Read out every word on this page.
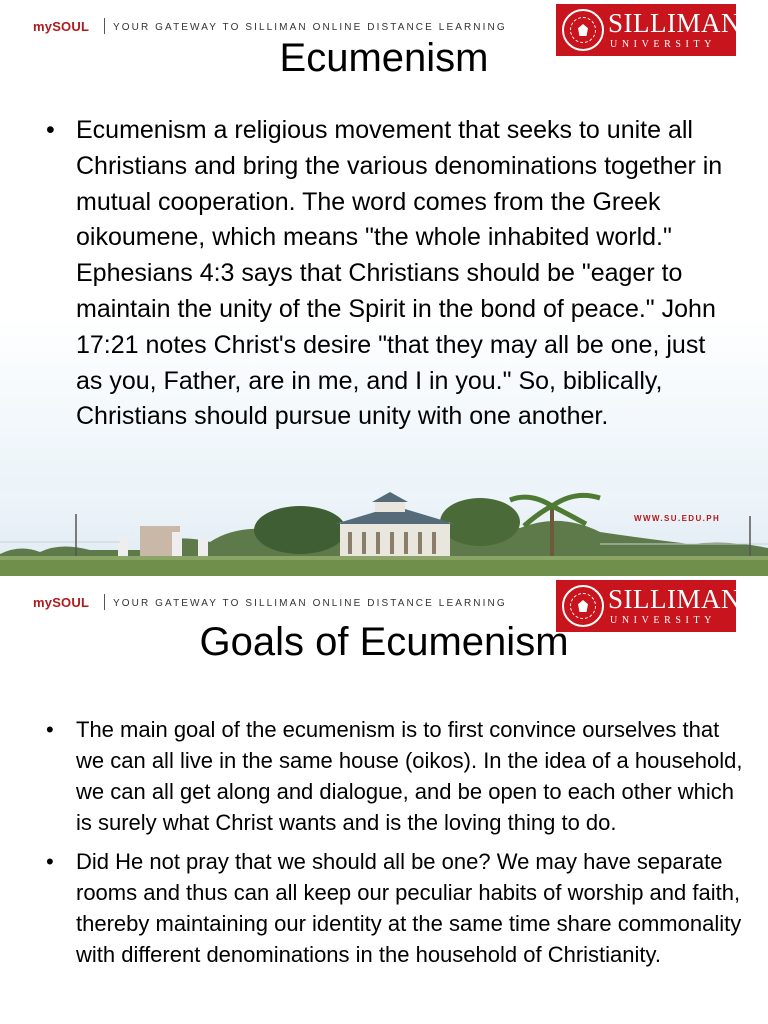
mySOUL YOUR GATEWAY TO SILLIMAN ONLINE DISTANCE LEARNING	SILLIMAN
UNIVERSITY
Ecumenism
WWW.SU.EDU.PH
• Ecumenism a religious movement that seeks to unite all Christians and bring the various denominations together in mutual cooperation. The word comes from the Greek oikoumene, which means "the whole inhabited world." Ephesians 4:3 says that Christians should be "eager to maintain the unity of the Spirit in the bond of peace." John 17:21 notes Christ's desire "that they may all be one, just as you, Father, are in me, and I in you." So, biblically, Christians should pursue unity with one another.
mySOUL YOUR GATEWAY TO SILLIMAN ONLINE DISTANCE LEARNING	SILLIMAN
UNIVERSITY
Goals of Ecumenism
• The main goal of the ecumenism is to first convince ourselves that we can all live in the same house (oikos). In the idea of a household, we can all get along and dialogue, and be open to each other which is surely what Christ wants and is the loving thing to do.
• Did He not pray that we should all be one? We may have separate rooms and thus can all keep our peculiar habits of worship and faith, thereby maintaining our identity at the same time share commonality with different denominations in the household of Christianity.
